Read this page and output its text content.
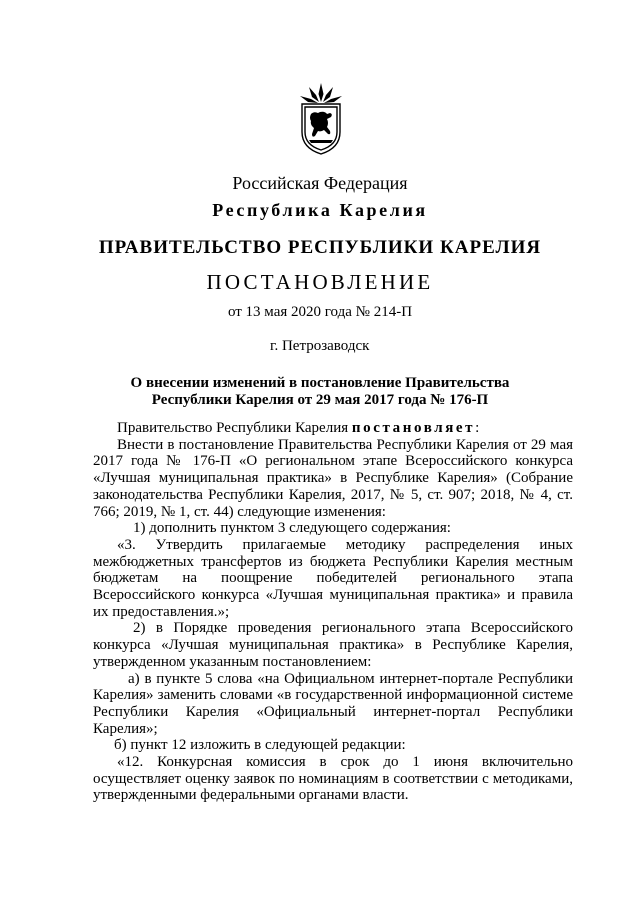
Российская Федерация
Республика Карелия
ПРАВИТЕЛЬСТВО РЕСПУБЛИКИ КАРЕЛИЯ
ПОСТАНОВЛЕНИЕ
от 13 мая 2020 года № 214-П
г. Петрозаводск
О внесении изменений в постановление Правительства
Республики Карелия от 29 мая 2017 года № 176-П

Правительство Республики Карелия постановляет:

Внести в постановление Правительства Республики Карелия от 29 мая 2017 года № 176-П «О региональном этапе Всероссийского конкурса «Лучшая муниципальная практика» в Республике Карелия» (Собрание законодательства Республики Карелия, 2017, № 5, ст. 907; 2018, № 4, ст. 766; 2019, № 1, ст. 44) следующие изменения:

1) дополнить пунктом 3 следующего содержания:

«3. Утвердить прилагаемые методику распределения иных межбюджетных трансфертов из бюджета Республики Карелия местным бюджетам на поощрение победителей регионального этапа Всероссийского конкурса «Лучшая муниципальная практика» и правила их предоставления.»;

2) в Порядке проведения регионального этапа Всероссийского конкурса «Лучшая муниципальная практика» в Республике Карелия, утвержденном указанным постановлением:

а) в пункте 5 слова «на Официальном интернет-портале Республики Карелия» заменить словами «в государственной информационной системе Республики Карелия «Официальный интернет-портал Республики Карелия»;

б) пункт 12 изложить в следующей редакции:

«12. Конкурсная комиссия в срок до 1 июня включительно осуществляет оценку заявок по номинациям в соответствии с методиками, утвержденными федеральными органами власти.
